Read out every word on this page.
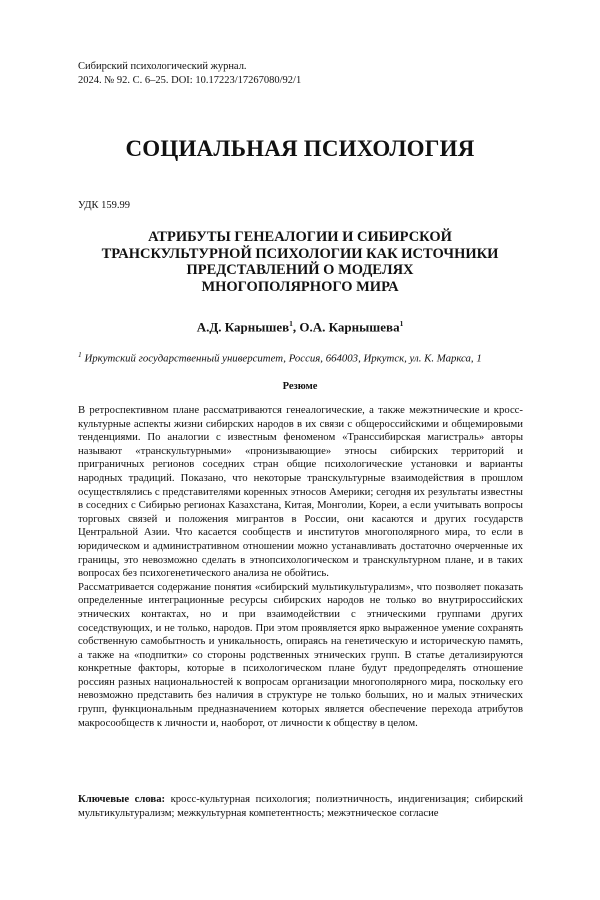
Сибирский психологический журнал.
2024. № 92. С. 6–25. DOI: 10.17223/17267080/92/1
СОЦИАЛЬНАЯ ПСИХОЛОГИЯ
УДК 159.99
АТРИБУТЫ ГЕНЕАЛОГИИ И СИБИРСКОЙ
ТРАНСКУЛЬТУРНОЙ ПСИХОЛОГИИ КАК ИСТОЧНИКИ
ПРЕДСТАВЛЕНИЙ О МОДЕЛЯХ
МНОГОПОЛЯРНОГО МИРА
А.Д. Карнышев$^1$, О.А. Карнышева$^1$
$^1$ Иркутский государственный университет, Россия, 664003, Иркутск, ул. К. Маркса, 1
Резюме

В ретроспективном плане рассматриваются генеалогические, а также межэтнические и кросс-культурные аспекты жизни сибирских народов в их связи с общероссийскими и общемировыми тенденциями. По аналогии с известным феноменом «Транссибирская магистраль» авторы называют «транскультурными» «пронизывающие» этносы сибирских территорий и приграничных регионов соседних стран общие психологические установки и варианты народных традиций. Показано, что некоторые транскультурные взаимодействия в прошлом осуществлялись с представителями коренных этносов Америки; сегодня их результаты известны в соседних с Сибирью регионах Казахстана, Китая, Монголии, Кореи, а если учитывать вопросы торговых связей и положения мигрантов в России, они касаются и других государств Центральной Азии. Что касается сообществ и институтов многополярного мира, то если в юридическом и административном отношении можно устанавливать достаточно очерченные их границы, это невозможно сделать в этнопсихологическом и транскультурном плане, и в таких вопросах без психогенетического анализа не обойтись.

Рассматривается содержание понятия «сибирский мультикультурализм», что позволяет показать определенные интеграционные ресурсы сибирских народов не только во внутрироссийских этнических контактах, но и при взаимодействии с этническими группами других соседствующих, и не только, народов. При этом проявляется ярко выраженное умение сохранять собственную самобытность и уникальность, опираясь на генетическую и историческую память, а также на «подпитки» со стороны родственных этнических групп. В статье детализируются конкретные факторы, которые в психологическом плане будут предопределять отношение россиян разных национальностей к вопросам организации многополярного мира, поскольку его невозможно представить без наличия в структуре не только больших, но и малых этнических групп, функциональным предназначением которых является обеспечение перехода атрибутов макросообществ к личности и, наоборот, от личности к обществу в целом.

Ключевые слова: кросс-культурная психология; полиэтничность, индигенизация; сибирский мультикультурализм; межкультурная компетентность; межэтническое согласие
